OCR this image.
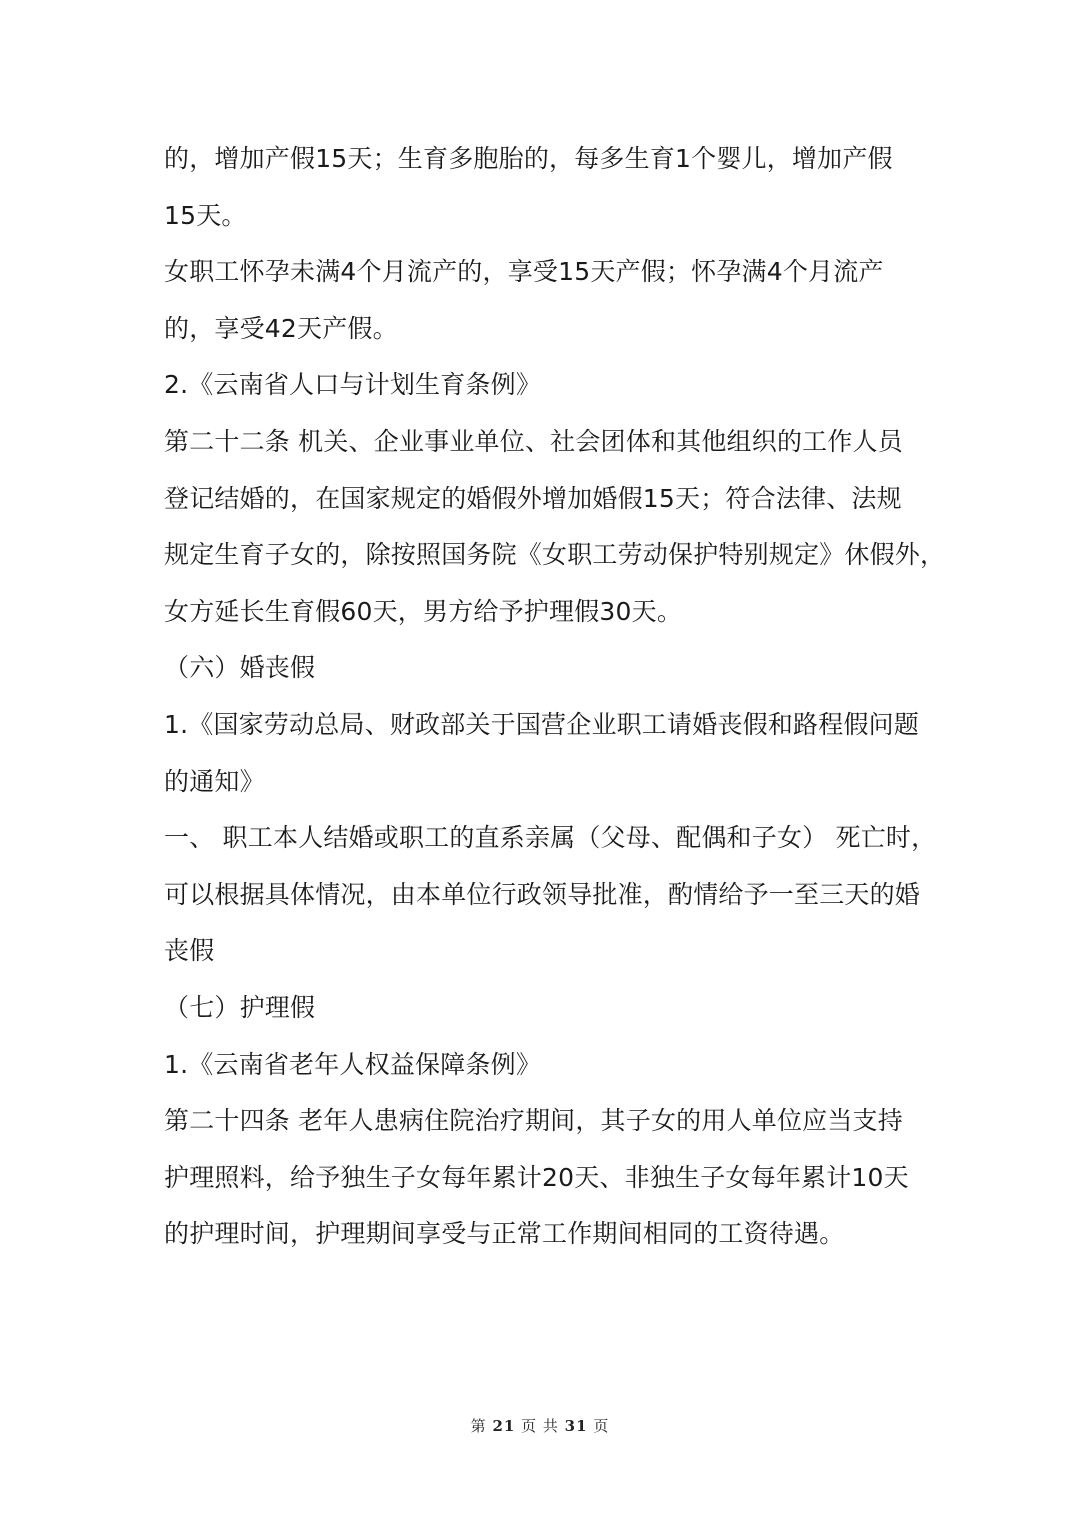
的，增加产假15天；生育多胞胎的，每多生育1个婴儿，增加产假
15天。
女职工怀孕未满4个月流产的，享受15天产假；怀孕满4个月流产
的，享受42天产假。
2.《云南省人口与计划生育条例》
第二十二条 机关、企业事业单位、社会团体和其他组织的工作人员
登记结婚的，在国家规定的婚假外增加婚假15天；符合法律、法规
规定生育子女的，除按照国务院《女职工劳动保护特别规定》休假外，
女方延长生育假60天，男方给予护理假30天。
（六）婚丧假
1.《国家劳动总局、财政部关于国营企业职工请婚丧假和路程假问题
的通知》
一、 职工本人结婚或职工的直系亲属（父母、配偶和子女） 死亡时，
可以根据具体情况，由本单位行政领导批准，酌情给予一至三天的婚
丧假
（七）护理假
1.《云南省老年人权益保障条例》
第二十四条 老年人患病住院治疗期间，其子女的用人单位应当支持
护理照料，给予独生子女每年累计20天、非独生子女每年累计10天
的护理时间，护理期间享受与正常工作期间相同的工资待遇。
第 21 页 共 31 页
